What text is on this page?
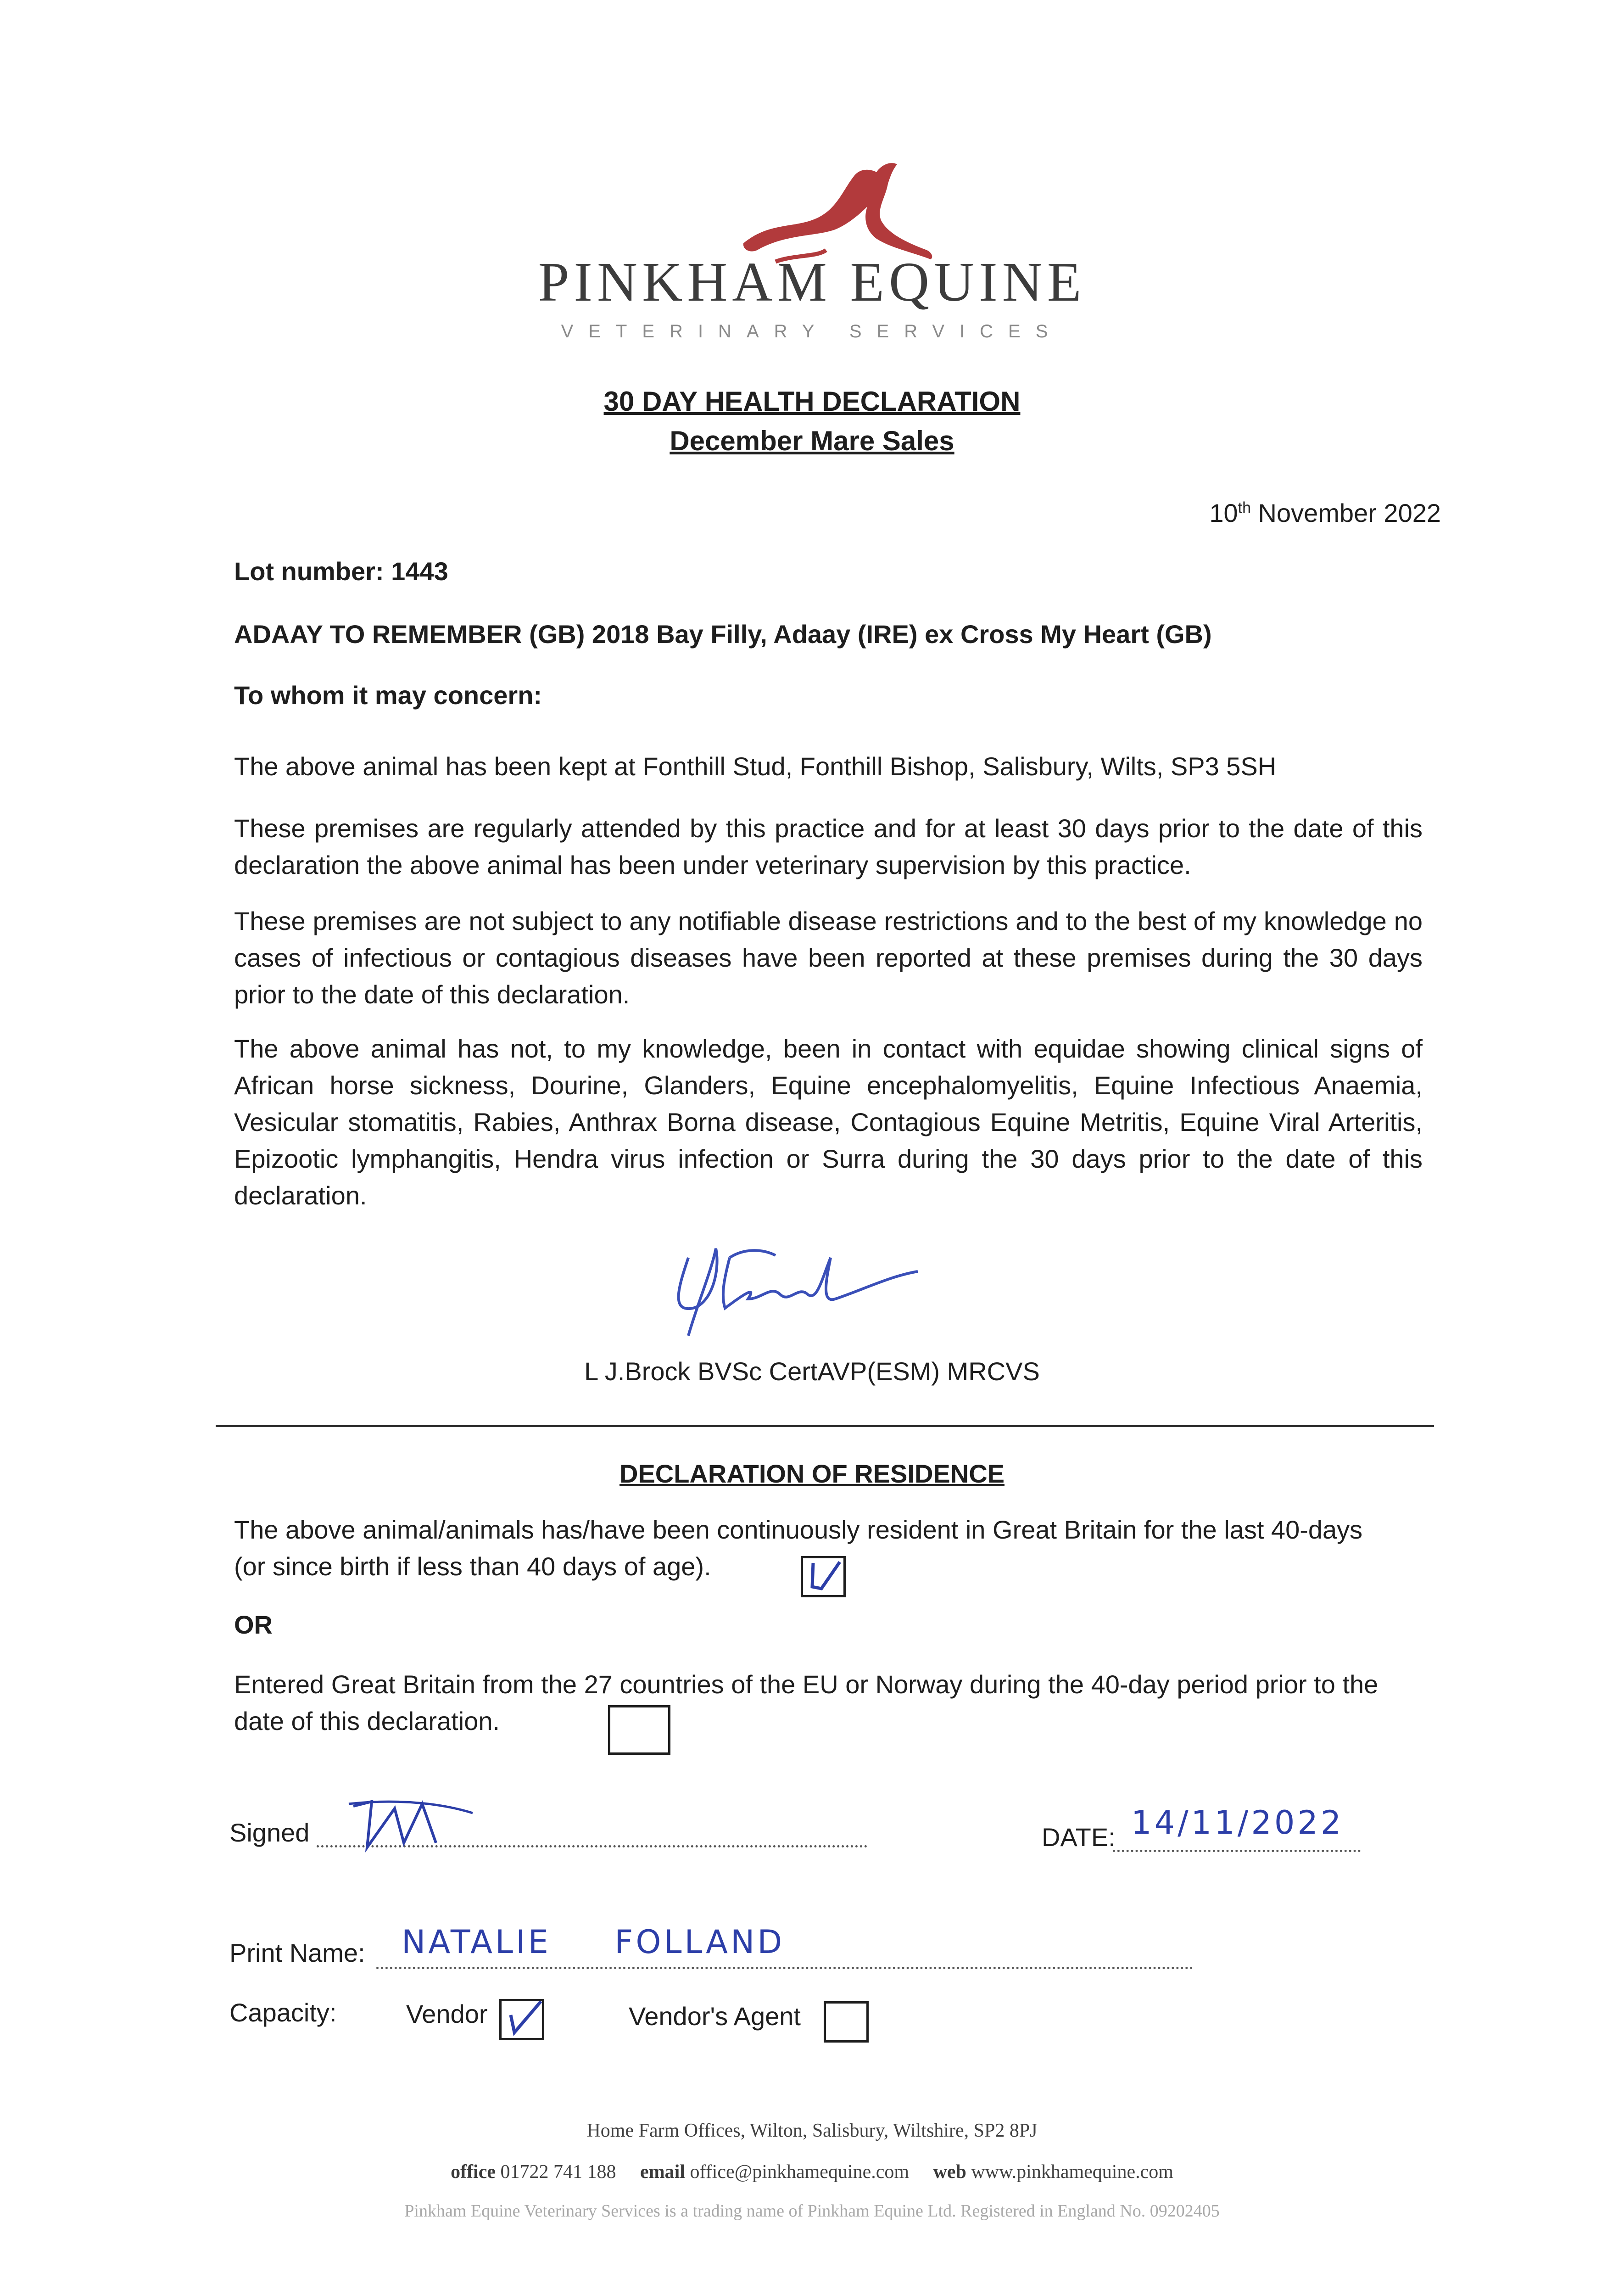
PINKHAM EQUINE
VETERINARY SERVICES
30 DAY HEALTH DECLARATION
December Mare Sales
10th November 2022
Lot number: 1443
ADAAY TO REMEMBER (GB) 2018 Bay Filly, Adaay (IRE) ex Cross My Heart (GB)
To whom it may concern:
The above animal has been kept at Fonthill Stud, Fonthill Bishop, Salisbury, Wilts, SP3 5SH
These premises are regularly attended by this practice and for at least 30 days prior to the date of this declaration the above animal has been under veterinary supervision by this practice.
These premises are not subject to any notifiable disease restrictions and to the best of my knowledge no cases of infectious or contagious diseases have been reported at these premises during the 30 days prior to the date of this declaration.
The above animal has not, to my knowledge, been in contact with equidae showing clinical signs of African horse sickness, Dourine, Glanders, Equine encephalomyelitis, Equine Infectious Anaemia, Vesicular stomatitis, Rabies, Anthrax Borna disease, Contagious Equine Metritis, Equine Viral Arteritis, Epizootic lymphangitis, Hendra virus infection or Surra during the 30 days prior to the date of this declaration.
L J.Brock BVSc CertAVP(ESM) MRCVS
DECLARATION OF RESIDENCE
The above animal/animals has/have been continuously resident in Great Britain for the last 40-days (or since birth if less than 40 days of age).
OR
Entered Great Britain from the 27 countries of the EU or Norway during the 40-day period prior to the date of this declaration.
Signed	DATE: 14/11/2022
Print Name: NATALIE FOLLAND
Capacity:	Vendor	Vendor's Agent
Home Farm Offices, Wilton, Salisbury, Wiltshire, SP2 8PJ
office 01722 741 188 email office@pinkhamequine.com web www.pinkhamequine.com
Pinkham Equine Veterinary Services is a trading name of Pinkham Equine Ltd. Registered in England No. 09202405
